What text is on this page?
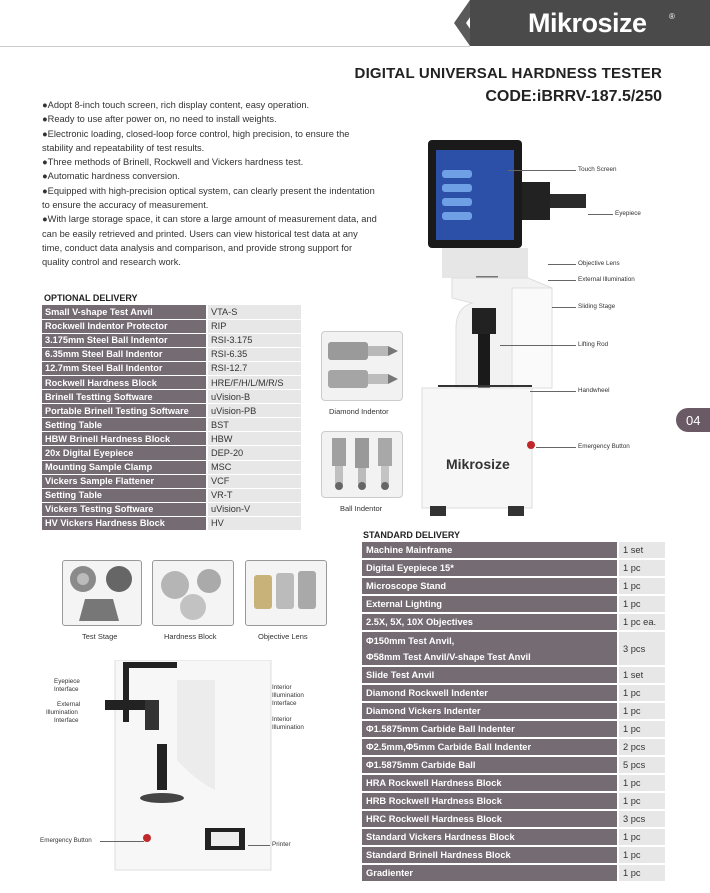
Mikrosize	®
DIGITAL UNIVERSAL HARDNESS TESTER
CODE:iBRRV-187.5/250
●Adopt 8-inch touch screen, rich display content, easy operation.
●Ready to use after power on, no need to install weights.
●Electronic loading, closed-loop force control, high precision, to ensure the stability and repeatability of test results.
●Three methods of Brinell, Rockwell and Vickers hardness test.
●Automatic hardness conversion.
●Equipped with high-precision optical system, can clearly present the indentation to ensure the accuracy of measurement.
●With large storage space, it can store a large amount of measurement data, and can be easily retrieved and printed. Users can view historical test data at any time, conduct data analysis and comparison, and provide strong support for quality control and research work.
04
OPTIONAL DELIVERY
Small V-shape Test Anvil	VTA-S
Rockwell Indentor Protector	RIP
3.175mm Steel Ball Indentor	RSI-3.175
6.35mm Steel Ball Indentor	RSI-6.35
12.7mm Steel Ball Indentor	RSI-12.7
Rockwell Hardness Block	HRE/F/H/L/M/R/S
Brinell Testting Software	uVision-B
Portable Brinell Testing Software	uVision-PB
Setting Table	BST
HBW Brinell Hardness Block	HBW
20x Digital Eyepiece	DEP-20
Mounting Sample Clamp	MSC
Vickers Sample Flattener	VCF
Setting Table	VR-T
Vickers Testing Software	uVision-V
HV Vickers Hardness Block	HV
Diamond Indentor
Ball Indentor
Mikrosize
Touch Screen
Eyepiece
Objective Lens
External Illumination
Sliding Stage
Lifting Rod
Handwheel
Emergency Button
Test Stage	Hardness Block	Objective Lens
Eyepiece
Interface
External
Illumination
Interface
Interior
Illumination
Interface
Interior
Illumination
Emergency Button
Printer
STANDARD DELIVERY
Machine Mainframe	1 set
Digital Eyepiece 15*	1 pc
Microscope Stand	1 pc
External Lighting	1 pc
2.5X, 5X, 10X Objectives	1 pc ea.
Φ150mm Test Anvil,
Φ58mm Test Anvil/V-shape Test Anvil	3 pcs
Slide Test Anvil	1 set
Diamond Rockwell Indenter	1 pc
Diamond Vickers Indenter	1 pc
Φ1.5875mm Carbide Ball Indenter	1 pc
Φ2.5mm,Φ5mm Carbide Ball Indenter	2 pcs
Φ1.5875mm Carbide Ball	5 pcs
HRA Rockwell Hardness Block	1 pc
HRB Rockwell Hardness Block	1 pc
HRC Rockwell Hardness Block	3 pcs
Standard Vickers Hardness Block	1 pc
Standard Brinell Hardness Block	1 pc
Gradienter	1 pc
